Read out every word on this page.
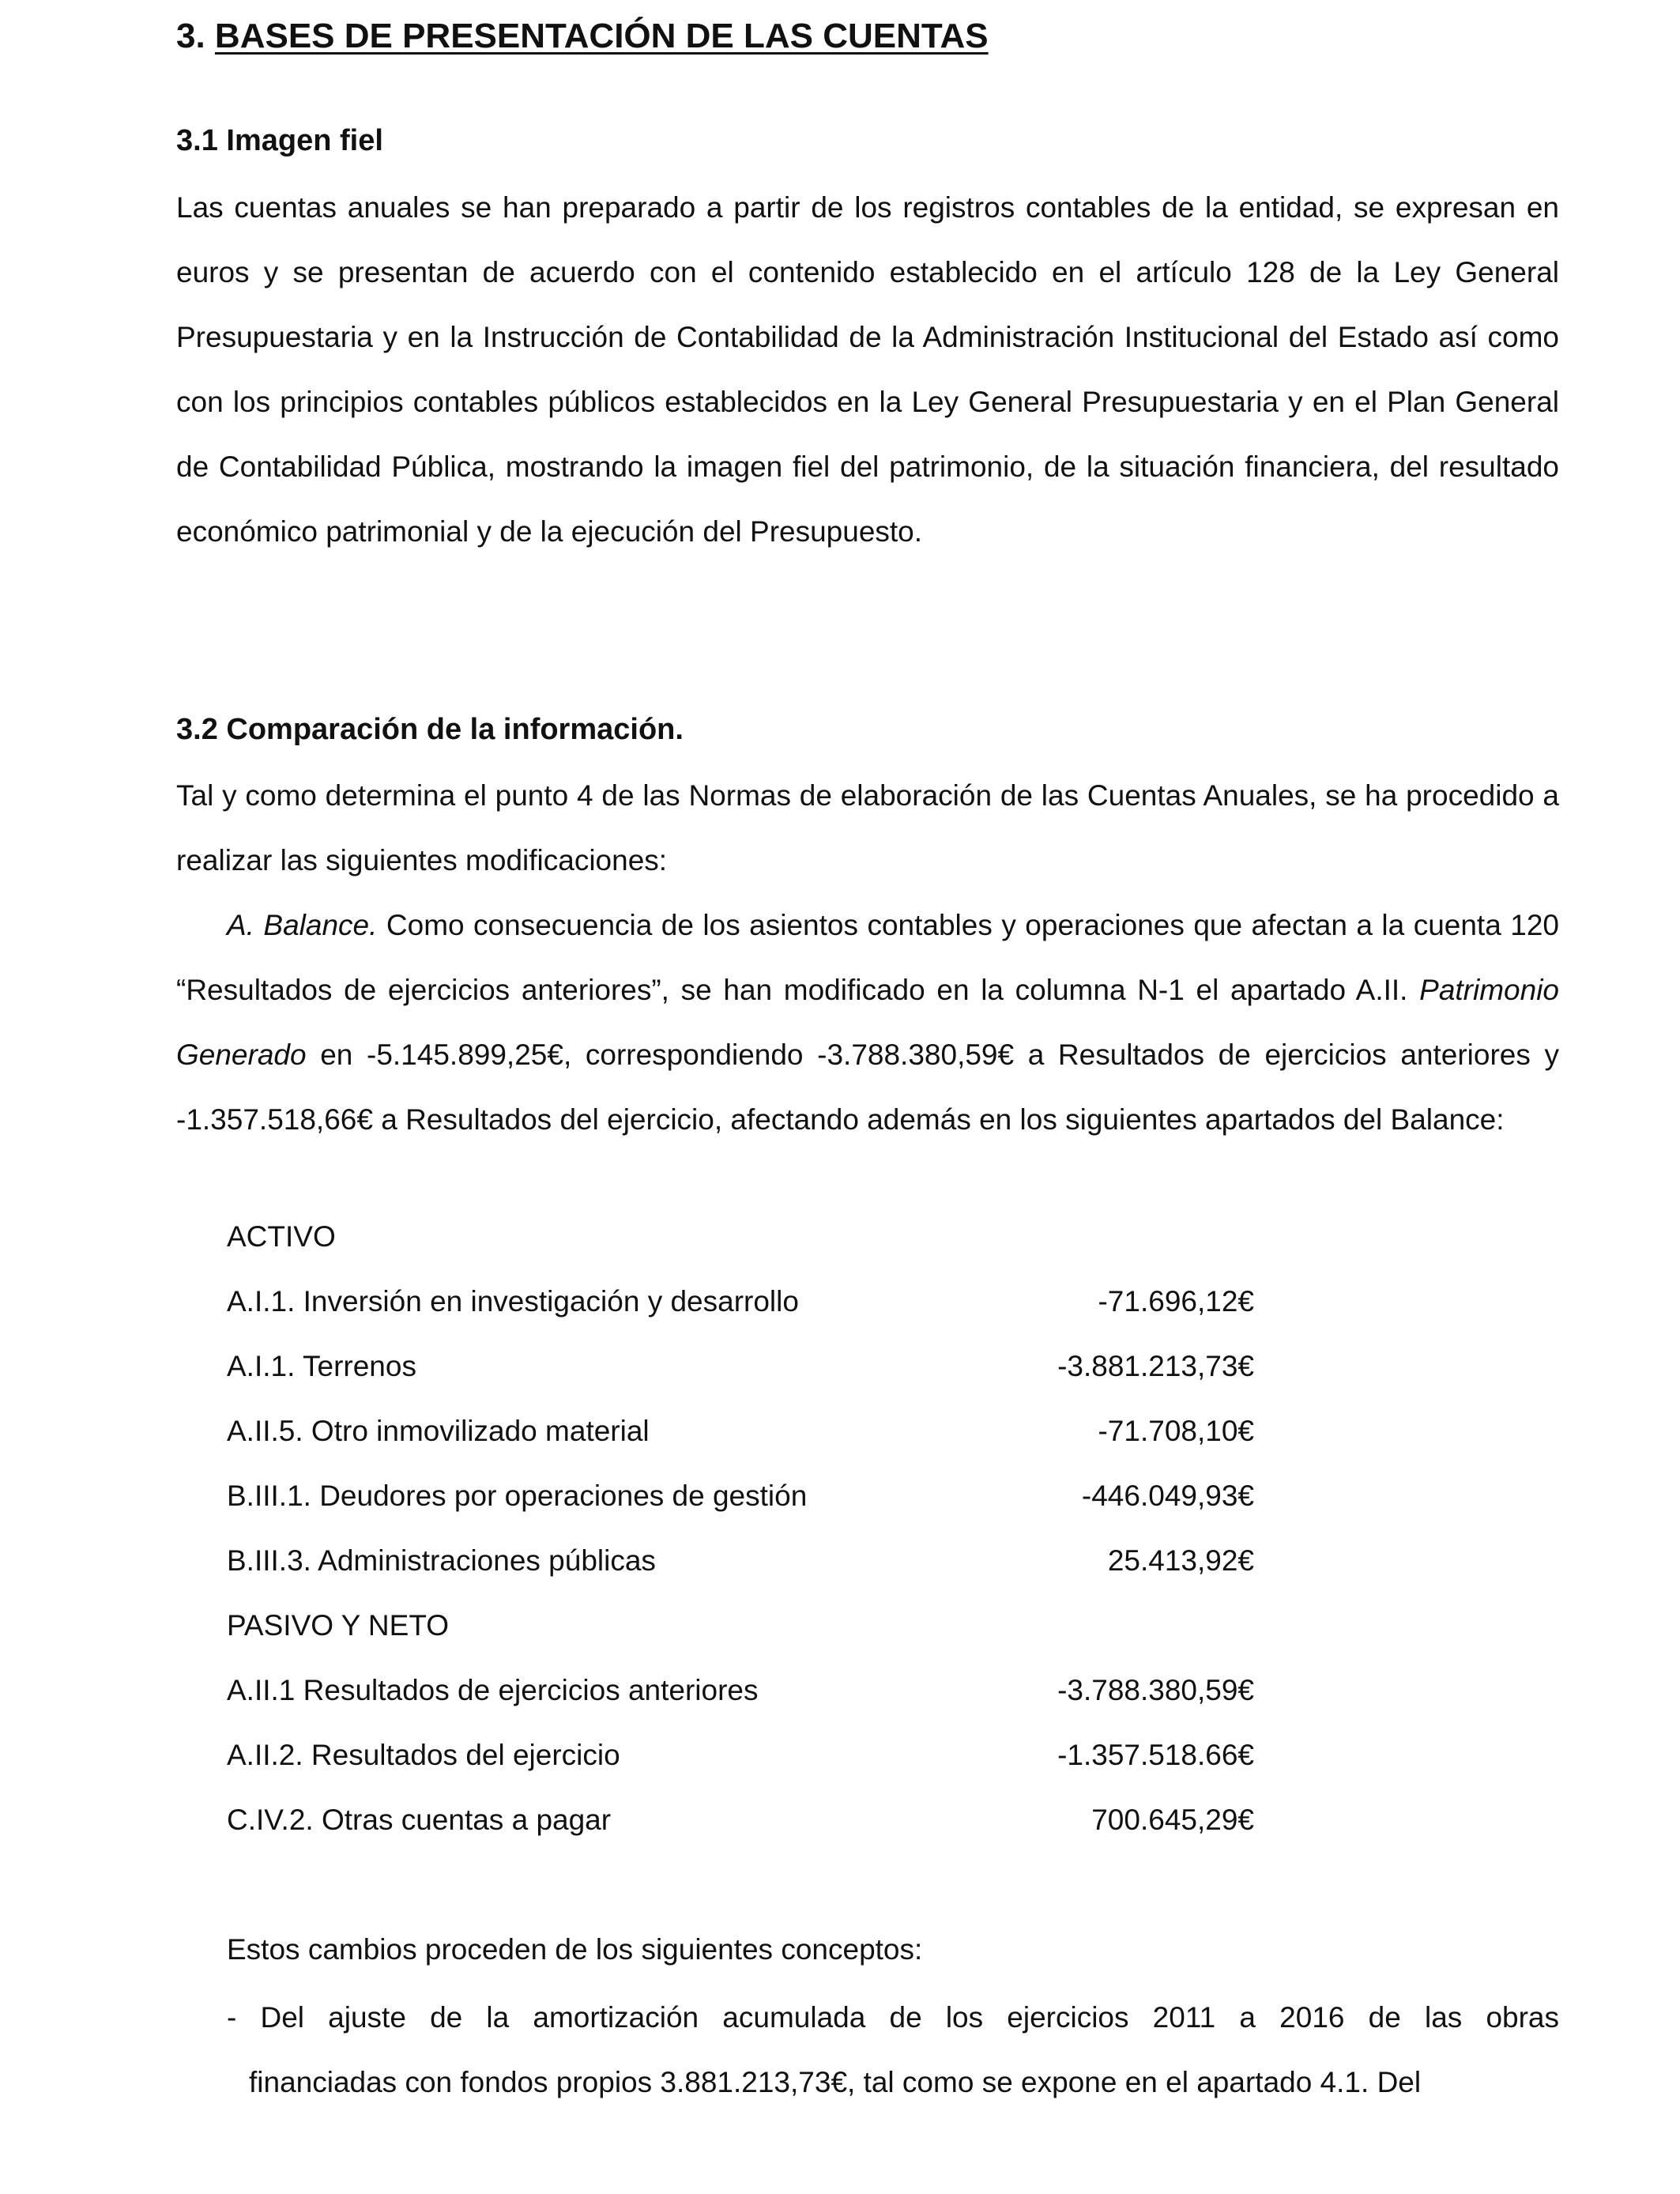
3. BASES DE PRESENTACIÓN DE LAS CUENTAS
3.1 Imagen fiel

Las cuentas anuales se han preparado a partir de los registros contables de la entidad, se expresan en euros y se presentan de acuerdo con el contenido establecido en el artículo 128 de la Ley General Presupuestaria y en la Instrucción de Contabilidad de la Administración Institucional del Estado así como con los principios contables públicos establecidos en la Ley General Presupuestaria y en el Plan General de Contabilidad Pública, mostrando la imagen fiel del patrimonio, de la situación financiera, del resultado económico patrimonial y de la ejecución del Presupuesto.

3.2 Comparación de la información.

Tal y como determina el punto 4 de las Normas de elaboración de las Cuentas Anuales, se ha procedido a realizar las siguientes modificaciones:

A. Balance. Como consecuencia de los asientos contables y operaciones que afectan a la cuenta 120 “Resultados de ejercicios anteriores”, se han modificado en la columna N-1 el apartado A.II. Patrimonio Generado en -5.145.899,25€, correspondiendo -3.788.380,59€ a Resultados de ejercicios anteriores y -1.357.518,66€ a Resultados del ejercicio, afectando además en los siguientes apartados del Balance:

ACTIVO
A.I.1. Inversión en investigación y desarrollo	-71.696,12€
A.I.1. Terrenos	-3.881.213,73€
A.II.5. Otro inmovilizado material	-71.708,10€
B.III.1. Deudores por operaciones de gestión	-446.049,93€
B.III.3. Administraciones públicas	25.413,92€
PASIVO Y NETO
A.II.1 Resultados de ejercicios anteriores	-3.788.380,59€
A.II.2. Resultados del ejercicio	-1.357.518.66€
C.IV.2. Otras cuentas a pagar	700.645,29€
Estos cambios proceden de los siguientes conceptos:

- Del ajuste de la amortización acumulada de los ejercicios 2011 a 2016 de las obras
financiadas con fondos propios 3.881.213,73€, tal como se expone en el apartado 4.1. Del
